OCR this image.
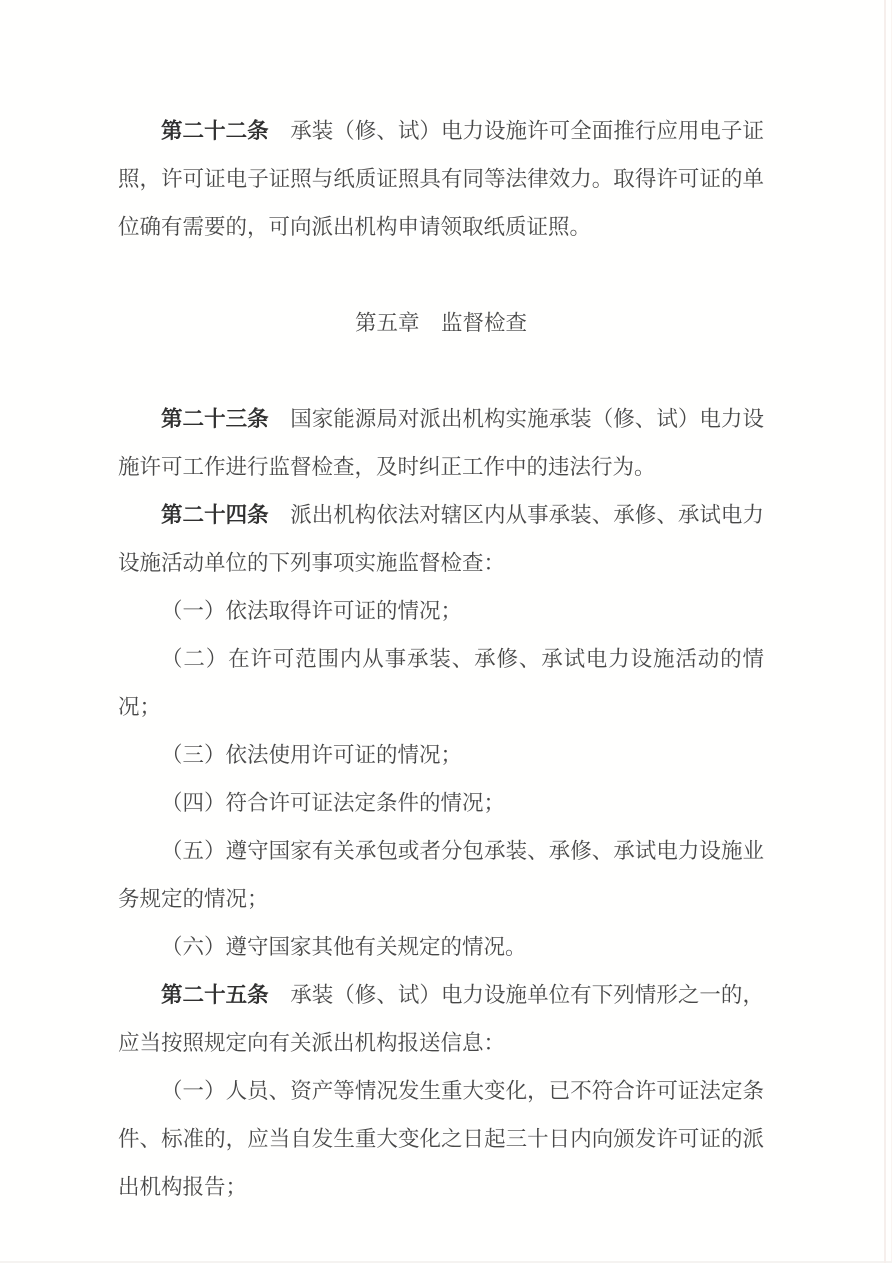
第二十二条 承装（修、试）电力设施许可全面推行应用电子证照，许可证电子证照与纸质证照具有同等法律效力。取得许可证的单位确有需要的，可向派出机构申请领取纸质证照。

第五章　监督检查

第二十三条 国家能源局对派出机构实施承装（修、试）电力设施许可工作进行监督检查，及时纠正工作中的违法行为。

第二十四条 派出机构依法对辖区内从事承装、承修、承试电力设施活动单位的下列事项实施监督检查：

（一）依法取得许可证的情况；

（二）在许可范围内从事承装、承修、承试电力设施活动的情况；

（三）依法使用许可证的情况；

（四）符合许可证法定条件的情况；

（五）遵守国家有关承包或者分包承装、承修、承试电力设施业务规定的情况；

（六）遵守国家其他有关规定的情况。

第二十五条 承装（修、试）电力设施单位有下列情形之一的，应当按照规定向有关派出机构报送信息：

（一）人员、资产等情况发生重大变化，已不符合许可证法定条件、标准的，应当自发生重大变化之日起三十日内向颁发许可证的派出机构报告；
